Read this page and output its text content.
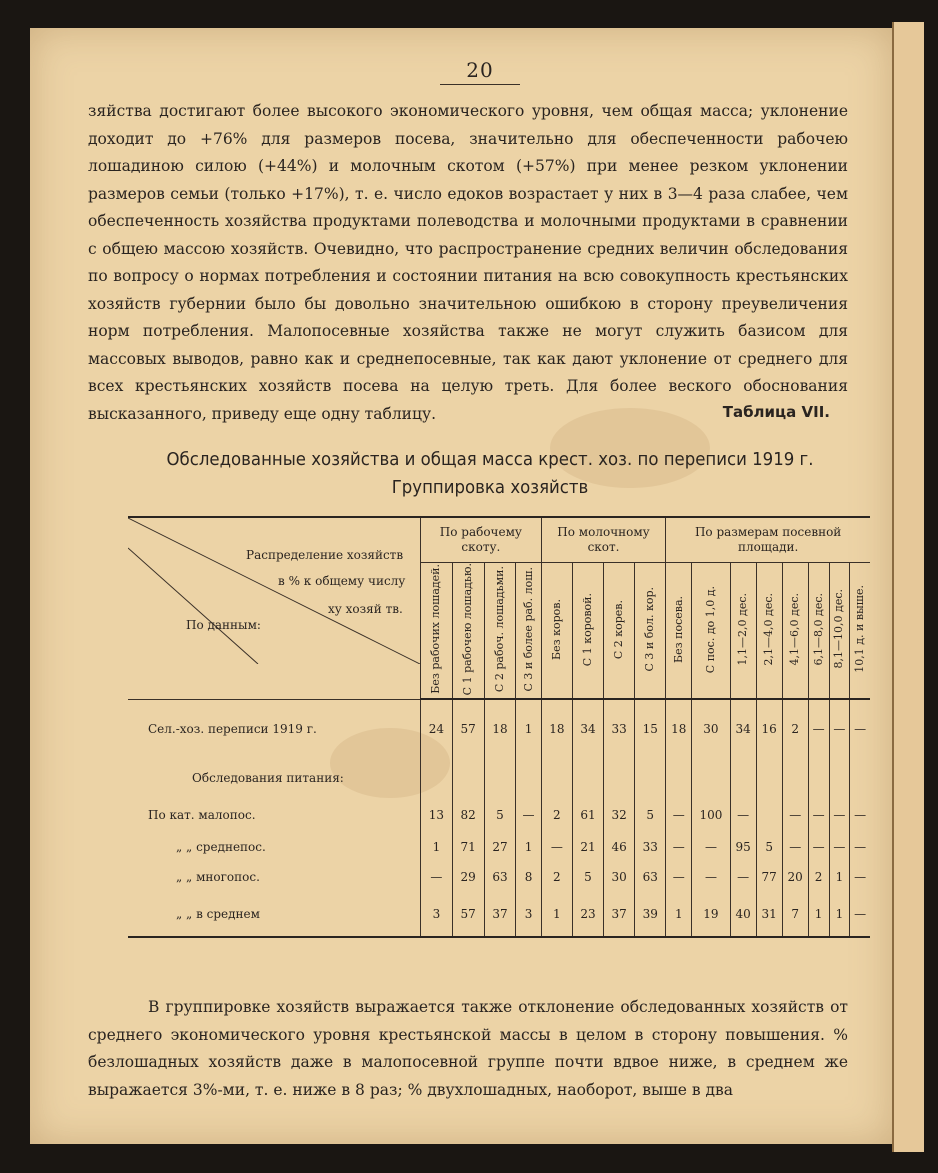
20

зяйства достигают более высокого экономического уровня, чем общая масса; уклонение доходит до +76% для размеров посева, значительно для обеспеченности рабочею лошадиною силою (+44%) и молочным скотом (+57%) при менее резком уклонении размеров семьи (только +17%), т. е. число едоков возрастает у них в 3—4 раза слабее, чем обеспеченность хозяйства продуктами полеводства и молочными продуктами в сравнении с общею массою хозяйств. Очевидно, что распространение средних величин обследования по вопросу о нормах потребления и состоянии питания на всю совокупность крестьянских хозяйств губернии было бы довольно значительною ошибкою в сторону преувеличения норм потребления. Малопосевные хозяйства также не могут служить базисом для массовых выводов, равно как и среднепосевные, так как дают уклонение от среднего для всех крестьянских хозяйств посева на целую треть. Для более веского обоснования высказанного, приведу еще одну таблицу.	Таблица VII.
Обследованные хозяйства и общая масса крест. хоз. по переписи 1919 г.
Группировка хозяйств
Распределение хозяйств
в % к общему числу
ху хозяй тв.
По данным:	По рабочему скоту.				По молочному скот.				По размерам посевной площади.							
	Без рабочих лошадей.	С 1 рабочею лошадью.	С 2 рабоч. лошадьми.	С 3 и более раб. лош.	Без коров.	С 1 коровой.	С 2 корев.	С 3 и бол. кор.	Без посева.	С пос. до 1,0 д.	1,1—2,0 дес.	2,1—4,0 дес.	4,1—6,0 дес.	6,1—8,0 дес.	8,1—10,0 дес.	10,1 д. и выше.
Сел.-хоз. переписи 1919 г.	24	57	18	1	18	34	33	15	18	30	34	16	2	—	—	—
Обследования питания:																
По кат. малопос.	13	82	5	—	2	61	32	5	—	100	—		—	—	—	—
„ „ среднепос.	1	71	27	1	—	21	46	33	—	—	95	5	—	—	—	—
„ „ многопос.	—	29	63	8	2	5	30	63	—	—	—	77	20	2	1	—
„ „ в среднем	3	57	37	3	1	23	37	39	1	19	40	31	7	1	1	—

В группировке хозяйств выражается также отклонение обследованных хозяйств от среднего экономического уровня крестьянской массы в целом в сторону повышения. % безлошадных хозяйств даже в малопосевной группе почти вдвое ниже, в среднем же выражается 3%-ми, т. е. ниже в 8 раз; % двухлошадных, наоборот, выше в два
